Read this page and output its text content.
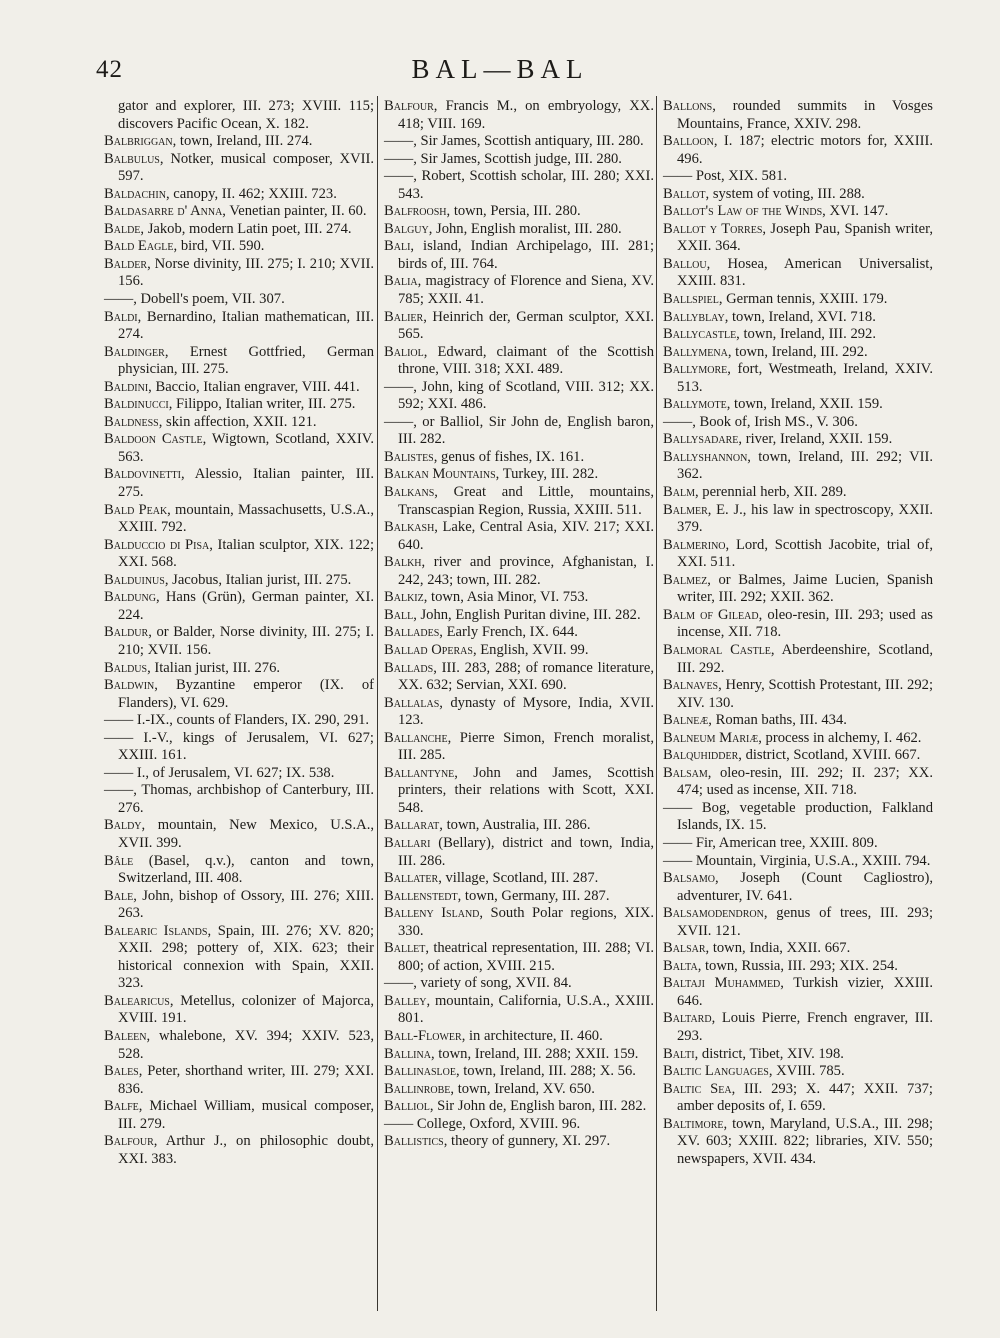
42	BAL—BAL

gator and explorer, III. 273; XVIII. 115; discovers Pacific Ocean, X. 182.

Balbriggan, town, Ireland, III. 274.

Balbulus, Notker, musical composer, XVII. 597.

Baldachin, canopy, II. 462; XXIII. 723.

Baldasarre d' Anna, Venetian painter, II. 60.

Balde, Jakob, modern Latin poet, III. 274.

Bald Eagle, bird, VII. 590.

Balder, Norse divinity, III. 275; I. 210; XVII. 156.

——, Dobell's poem, VII. 307.

Baldi, Bernardino, Italian mathematican, III. 274.

Baldinger, Ernest Gottfried, German physician, III. 275.

Baldini, Baccio, Italian engraver, VIII. 441.

Baldinucci, Filippo, Italian writer, III. 275.

Baldness, skin affection, XXII. 121.

Baldoon Castle, Wigtown, Scotland, XXIV. 563.

Baldovinetti, Alessio, Italian painter, III. 275.

Bald Peak, mountain, Massachusetts, U.S.A., XXIII. 792.

Balduccio di Pisa, Italian sculptor, XIX. 122; XXI. 568.

Balduinus, Jacobus, Italian jurist, III. 275.

Baldung, Hans (Grün), German painter, XI. 224.

Baldur, or Balder, Norse divinity, III. 275; I. 210; XVII. 156.

Baldus, Italian jurist, III. 276.

Baldwin, Byzantine emperor (IX. of Flanders), VI. 629.

—— I.-IX., counts of Flanders, IX. 290, 291.

—— I.-V., kings of Jerusalem, VI. 627; XXIII. 161.

—— I., of Jerusalem, VI. 627; IX. 538.

——, Thomas, archbishop of Canterbury, III. 276.

Baldy, mountain, New Mexico, U.S.A., XVII. 399.

Bâle (Basel, q.v.), canton and town, Switzerland, III. 408.

Bale, John, bishop of Ossory, III. 276; XIII. 263.

Balearic Islands, Spain, III. 276; XV. 820; XXII. 298; pottery of, XIX. 623; their historical connexion with Spain, XXII. 323.

Balearicus, Metellus, colonizer of Majorca, XVIII. 191.

Baleen, whalebone, XV. 394; XXIV. 523, 528.

Bales, Peter, shorthand writer, III. 279; XXI. 836.

Balfe, Michael William, musical composer, III. 279.

Balfour, Arthur J., on philosophic doubt, XXI. 383.

Balfour, Francis M., on embryology, XX. 418; VIII. 169.

——, Sir James, Scottish antiquary, III. 280.

——, Sir James, Scottish judge, III. 280.

——, Robert, Scottish scholar, III. 280; XXI. 543.

Balfroosh, town, Persia, III. 280.

Balguy, John, English moralist, III. 280.

Bali, island, Indian Archipelago, III. 281; birds of, III. 764.

Balia, magistracy of Florence and Siena, XV. 785; XXII. 41.

Balier, Heinrich der, German sculptor, XXI. 565.

Baliol, Edward, claimant of the Scottish throne, VIII. 318; XXI. 489.

——, John, king of Scotland, VIII. 312; XX. 592; XXI. 486.

——, or Balliol, Sir John de, English baron, III. 282.

Balistes, genus of fishes, IX. 161.

Balkan Mountains, Turkey, III. 282.

Balkans, Great and Little, mountains, Transcaspian Region, Russia, XXIII. 511.

Balkash, Lake, Central Asia, XIV. 217; XXI. 640.

Balkh, river and province, Afghanistan, I. 242, 243; town, III. 282.

Balkiz, town, Asia Minor, VI. 753.

Ball, John, English Puritan divine, III. 282.

Ballades, Early French, IX. 644.

Ballad Operas, English, XVII. 99.

Ballads, III. 283, 288; of romance literature, XX. 632; Servian, XXI. 690.

Ballalas, dynasty of Mysore, India, XVII. 123.

Ballanche, Pierre Simon, French moralist, III. 285.

Ballantyne, John and James, Scottish printers, their relations with Scott, XXI. 548.

Ballarat, town, Australia, III. 286.

Ballari (Bellary), district and town, India, III. 286.

Ballater, village, Scotland, III. 287.

Ballenstedt, town, Germany, III. 287.

Balleny Island, South Polar regions, XIX. 330.

Ballet, theatrical representation, III. 288; VI. 800; of action, XVIII. 215.

——, variety of song, XVII. 84.

Balley, mountain, California, U.S.A., XXIII. 801.

Ball-Flower, in architecture, II. 460.

Ballina, town, Ireland, III. 288; XXII. 159.

Ballinasloe, town, Ireland, III. 288; X. 56.

Ballinrobe, town, Ireland, XV. 650.

Balliol, Sir John de, English baron, III. 282.

—— College, Oxford, XVIII. 96.

Ballistics, theory of gunnery, XI. 297.

Ballons, rounded summits in Vosges Mountains, France, XXIV. 298.

Balloon, I. 187; electric motors for, XXIII. 496.

—— Post, XIX. 581.

Ballot, system of voting, III. 288.

Ballot's Law of the Winds, XVI. 147.

Ballot y Torres, Joseph Pau, Spanish writer, XXII. 364.

Ballou, Hosea, American Universalist, XXIII. 831.

Ballspiel, German tennis, XXIII. 179.

Ballyblay, town, Ireland, XVI. 718.

Ballycastle, town, Ireland, III. 292.

Ballymena, town, Ireland, III. 292.

Ballymore, fort, Westmeath, Ireland, XXIV. 513.

Ballymote, town, Ireland, XXII. 159.

——, Book of, Irish MS., V. 306.

Ballysadare, river, Ireland, XXII. 159.

Ballyshannon, town, Ireland, III. 292; VII. 362.

Balm, perennial herb, XII. 289.

Balmer, E. J., his law in spectroscopy, XXII. 379.

Balmerino, Lord, Scottish Jacobite, trial of, XXI. 511.

Balmez, or Balmes, Jaime Lucien, Spanish writer, III. 292; XXII. 362.

Balm of Gilead, oleo-resin, III. 293; used as incense, XII. 718.

Balmoral Castle, Aberdeenshire, Scotland, III. 292.

Balnaves, Henry, Scottish Protestant, III. 292; XIV. 130.

Balneæ, Roman baths, III. 434.

Balneum Mariæ, process in alchemy, I. 462.

Balquhidder, district, Scotland, XVIII. 667.

Balsam, oleo-resin, III. 292; II. 237; XX. 474; used as incense, XII. 718.

—— Bog, vegetable production, Falkland Islands, IX. 15.

—— Fir, American tree, XXIII. 809.

—— Mountain, Virginia, U.S.A., XXIII. 794.

Balsamo, Joseph (Count Cagliostro), adventurer, IV. 641.

Balsamodendron, genus of trees, III. 293; XVII. 121.

Balsar, town, India, XXII. 667.

Balta, town, Russia, III. 293; XIX. 254.

Baltaji Muhammed, Turkish vizier, XXIII. 646.

Baltard, Louis Pierre, French engraver, III. 293.

Balti, district, Tibet, XIV. 198.

Baltic Languages, XVIII. 785.

Baltic Sea, III. 293; X. 447; XXII. 737; amber deposits of, I. 659.

Baltimore, town, Maryland, U.S.A., III. 298; XV. 603; XXIII. 822; libraries, XIV. 550; newspapers, XVII. 434.
